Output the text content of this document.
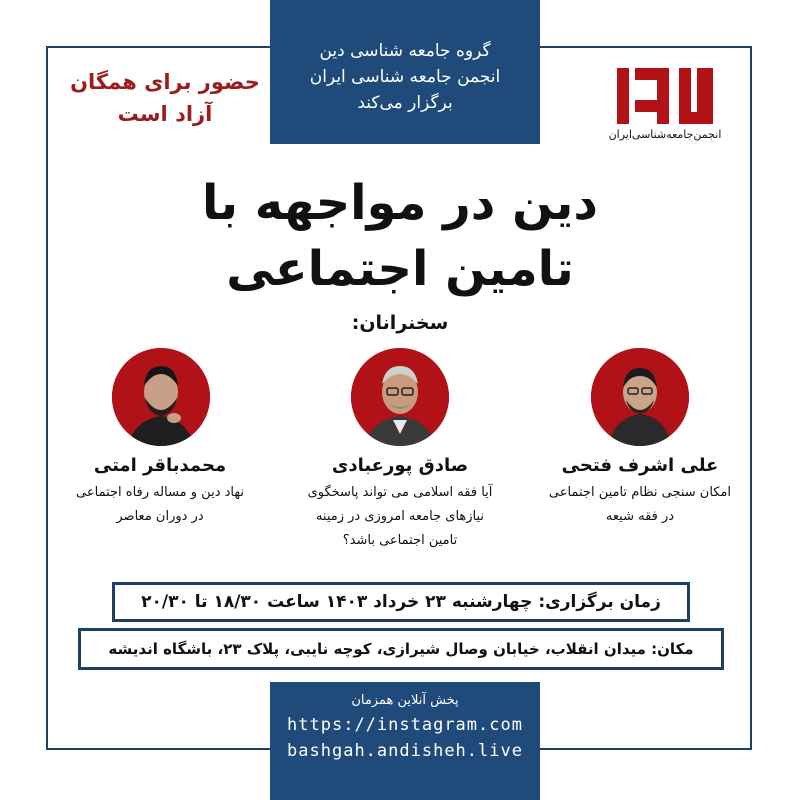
گروه جامعه شناسی دین
انجمن جامعه شناسی ایران
برگزار می‌کند
حضور برای همگان
آزاد است
انجمن‌جامعه‌شناسی‌ایران
دین در مواجهه با
تامین اجتماعی
سخنرانان:
علی اشرف فتحی
امکان سنجی نظام تامین اجتماعی
در فقه شیعه
صادق پورعبادی
آیا فقه اسلامی می تواند پاسخگوی
نیازهای جامعه امروزی در زمینه
تامین اجتماعی باشد؟
محمدباقر امتی
نهاد دین و مساله رفاه اجتماعی
در دوران معاصر
زمان برگزاری: چهارشنبه ۲۳ خرداد ۱۴۰۳ ساعت ۱۸/۳۰ تا ۲۰/۳۰
مکان: میدان انقلاب، خیابان وصال شیرازی، کوچه نایبی، پلاک ۲۳، باشگاه اندیشه
پخش آنلاین همزمان
https://instagram.com
bashgah.andisheh.live
